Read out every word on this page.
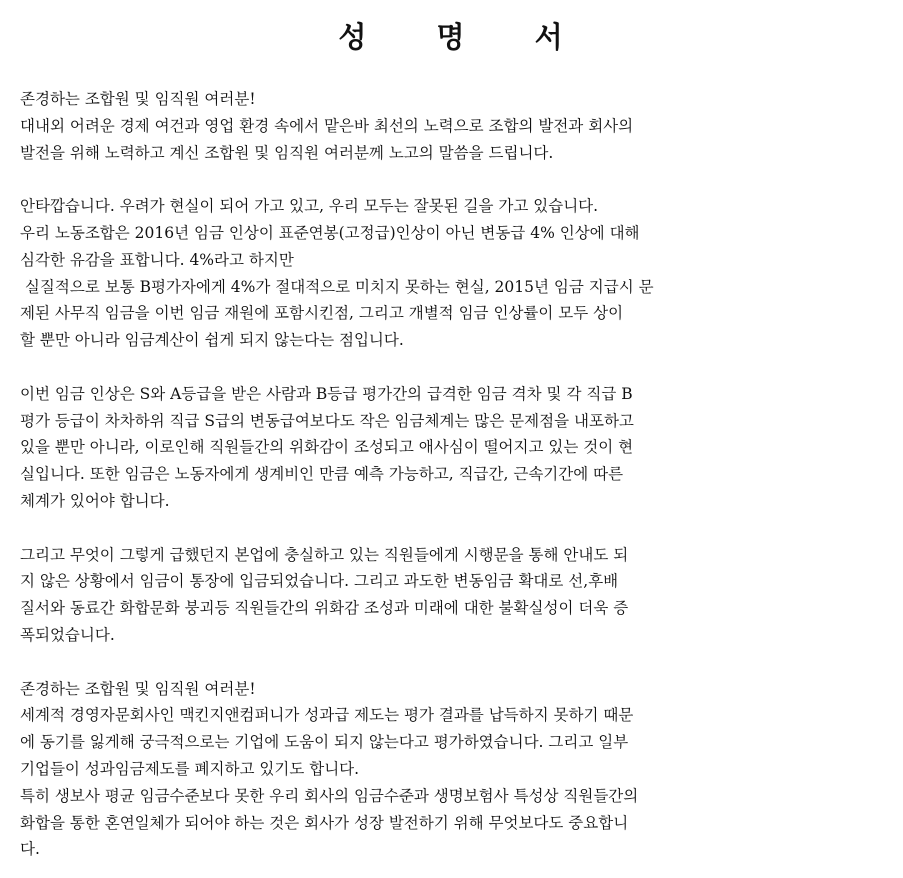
성 명 서
존경하는 조합원 및 임직원 여러분!
대내외 어려운 경제 여건과 영업 환경 속에서 맡은바 최선의 노력으로 조합의 발전과 회사의
발전을 위해 노력하고 계신 조합원 및 임직원 여러분께 노고의 말씀을 드립니다.
안타깝습니다. 우려가 현실이 되어 가고 있고, 우리 모두는 잘못된 길을 가고 있습니다.
우리 노동조합은 2016년 임금 인상이 표준연봉(고정급)인상이 아닌 변동급 4% 인상에 대해
심각한 유감을 표합니다. 4%라고 하지만
실질적으로 보통 B평가자에게 4%가 절대적으로 미치지 못하는 현실, 2015년 임금 지급시 문
제된 사무직 임금을 이번 임금 재원에 포함시킨점, 그리고 개별적 임금 인상률이 모두 상이
할 뿐만 아니라 임금계산이 쉽게 되지 않는다는 점입니다.
이번 임금 인상은 S와 A등급을 받은 사람과 B등급 평가간의 급격한 임금 격차 및 각 직급 B
평가 등급이 차차하위 직급 S급의 변동급여보다도 작은 임금체계는 많은 문제점을 내포하고
있을 뿐만 아니라, 이로인해 직원들간의 위화감이 조성되고 애사심이 떨어지고 있는 것이 현
실입니다. 또한 임금은 노동자에게 생계비인 만큼 예측 가능하고, 직급간, 근속기간에 따른
체계가 있어야 합니다.
그리고 무엇이 그렇게 급했던지 본업에 충실하고 있는 직원들에게 시행문을 통해 안내도 되
지 않은 상황에서 임금이 통장에 입금되었습니다. 그리고 과도한 변동임금 확대로 선,후배
질서와 동료간 화합문화 붕괴등 직원들간의 위화감 조성과 미래에 대한 불확실성이 더욱 증
폭되었습니다.
존경하는 조합원 및 임직원 여러분!
세계적 경영자문회사인 맥킨지앤컴퍼니가 성과급 제도는 평가 결과를 납득하지 못하기 때문
에 동기를 잃게해 궁극적으로는 기업에 도움이 되지 않는다고 평가하였습니다. 그리고 일부
기업들이 성과임금제도를 폐지하고 있기도 합니다.
특히 생보사 평균 임금수준보다 못한 우리 회사의 임금수준과 생명보험사 특성상 직원들간의
화합을 통한 혼연일체가 되어야 하는 것은 회사가 성장 발전하기 위해 무엇보다도 중요합니
다.
